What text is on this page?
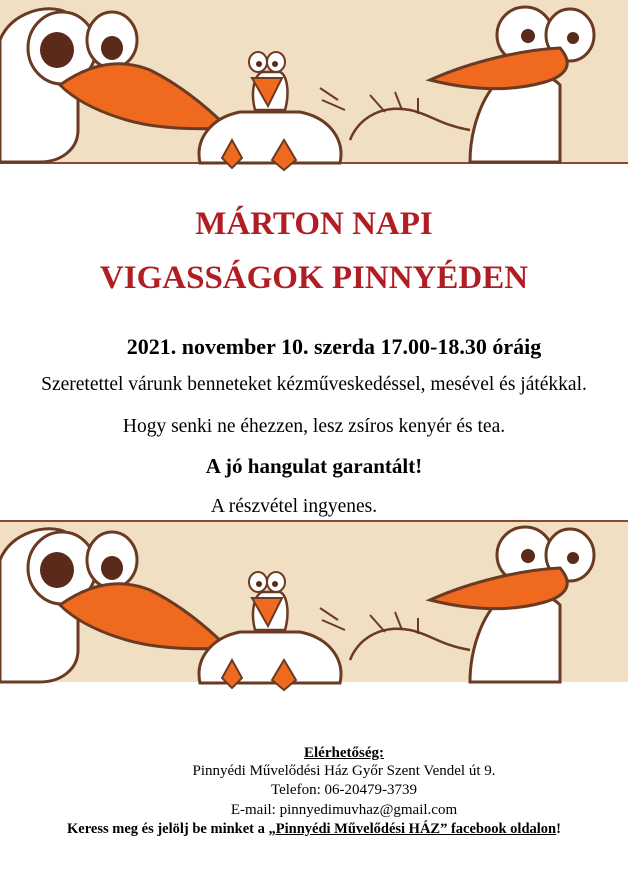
MÁRTON NAPI
VIGASSÁGOK PINNYÉDEN
2021. november 10. szerda 17.00-18.30 óráig
Szeretettel várunk benneteket kézműveskedéssel, mesével és játékkal.
Hogy senki ne éhezzen, lesz zsíros kenyér és tea.
A jó hangulat garantált!
A részvétel ingyenes.
Elérhetőség:
Pinnyédi Művelődési Ház Győr Szent Vendel út 9.
Telefon: 06-20479-3739
E-mail: pinnyedimuvhaz@gmail.com
Keress meg és jelölj be minket a „Pinnyédi Művelődési HÁZ” facebook oldalon!
